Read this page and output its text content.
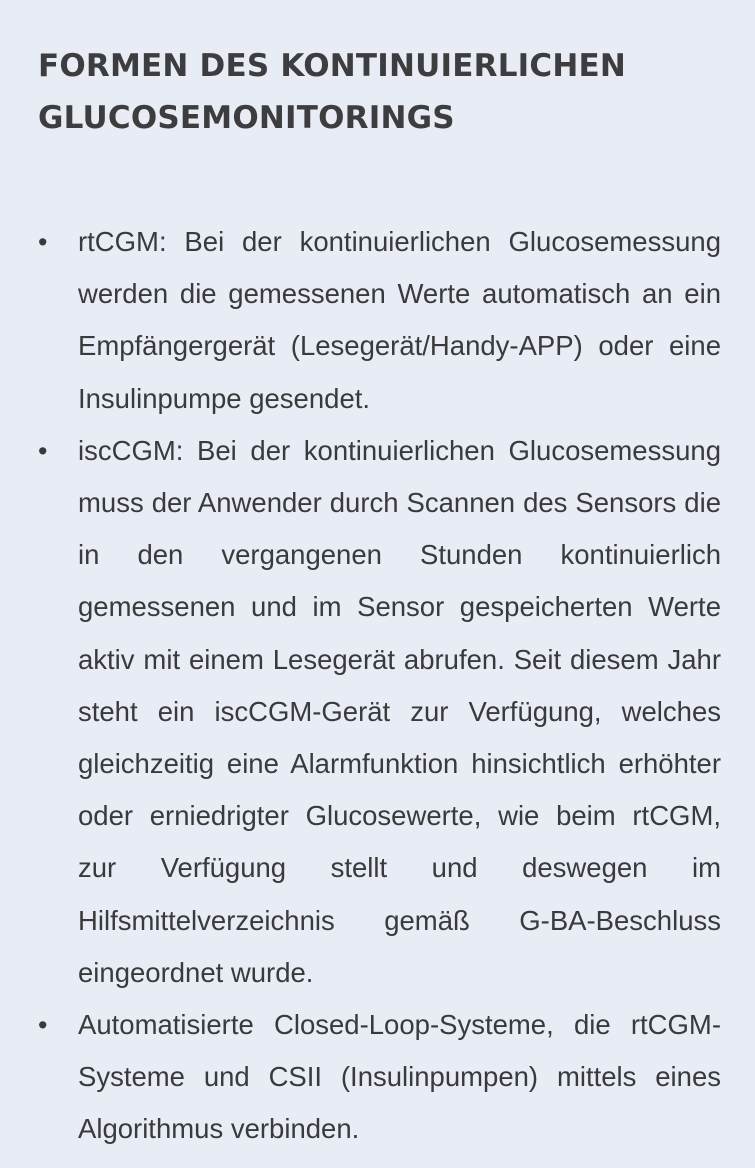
FORMEN DES KONTINUIERLICHEN
GLUCOSEMONITORINGS
•	rtCGM: Bei der kontinuierlichen Glucosemessung werden die gemessenen Werte automatisch an ein Empfängergerät (Lesegerät/Handy-APP) oder eine Insulinpumpe gesendet.
•	iscCGM: Bei der kontinuierlichen Glucosemessung muss der Anwender durch Scannen des Sensors die in den vergangenen Stunden kontinuierlich gemessenen und im Sensor gespeicherten Werte aktiv mit einem Lesegerät abrufen. Seit diesem Jahr steht ein iscCGM-Gerät zur Verfügung, welches gleichzeitig eine Alarmfunktion hinsichtlich erhöhter oder erniedrigter Glucosewerte, wie beim rtCGM, zur Verfügung stellt und deswegen im Hilfsmittelverzeichnis gemäß G-BA-Beschluss eingeordnet wurde.
•	Automatisierte Closed-Loop-Systeme, die rtCGM-Systeme und CSII (Insulinpumpen) mittels eines Algorithmus verbinden.
